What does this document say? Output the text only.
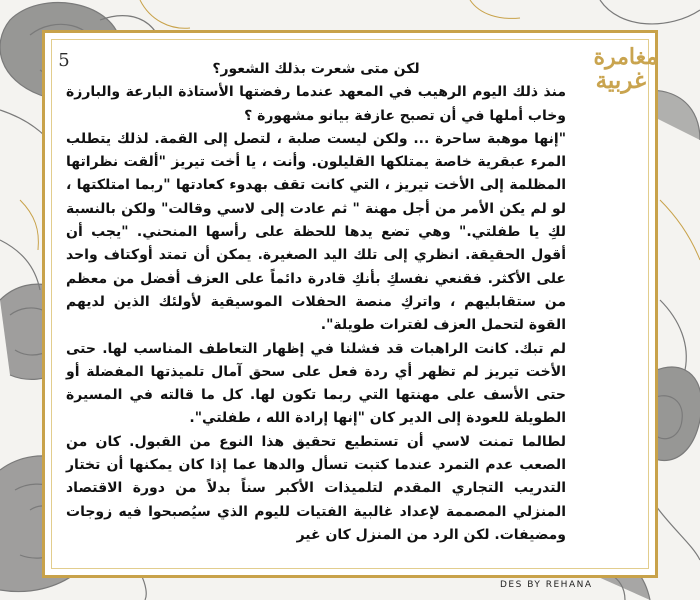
5	مغامرة
غربية

لكن متى شعرت بذلك الشعور؟

منذ ذلك اليوم الرهيب في المعهد عندما رفضتها الأستاذة البارعة والبارزة وخاب أملها في أن تصبح عازفة بيانو مشهورة ؟

"إنها موهبة ساحرة ... ولكن ليست صلبة ، لتصل إلى القمة. لذلك يتطلب المرء عبقرية خاصة يمتلكها القليلون. وأنت ، يا أخت تيريز "ألقت نظراتها المظلمة إلى الأخت تيريز ، التي كانت تقف بهدوء كعادتها "ربما امتلكتها ، لو لم يكن الأمر من أجل مهنة " ثم عادت إلى لاسي وقالت" ولكن بالنسبة لكِ يا طفلتي." وهي تضع يدها للحظة على رأسها المنحني. "يجب أن أقول الحقيقة. انظري إلى تلك اليد الصغيرة. يمكن أن تمتد أوكتاف واحد على الأكثر. فقنعي نفسكِ بأنكِ قادرة دائماً على العزف أفضل من معظم من ستقابليهم ، واتركِ منصة الحفلات الموسيقية لأولئك الذين لديهم القوة لتحمل العزف لفترات طويلة".

لم تبك. كانت الراهبات قد فشلنا في إظهار التعاطف المناسب لها. حتى الأخت تيريز لم تظهر أي ردة فعل على سحق آمال تلميذتها المفضلة أو حتى الأسف على مهنتها التي ربما تكون لها. كل ما قالته في المسيرة الطويلة للعودة إلى الدير كان "إنها إرادة الله ، طفلتي".

لطالما تمنت لاسي أن تستطيع تحقيق هذا النوع من القبول. كان من الصعب عدم التمرد عندما كتبت تسأل والدها عما إذا كان يمكنها أن تختار التدريب التجاري المقدم لتلميذات الأكبر سناً بدلاً من دورة الاقتصاد المنزلي المصممة لإعداد غالبية الفتيات لليوم الذي سيُصبحوا فيه زوجات ومضيفات. لكن الرد من المنزل كان غير

DES BY REHANA
